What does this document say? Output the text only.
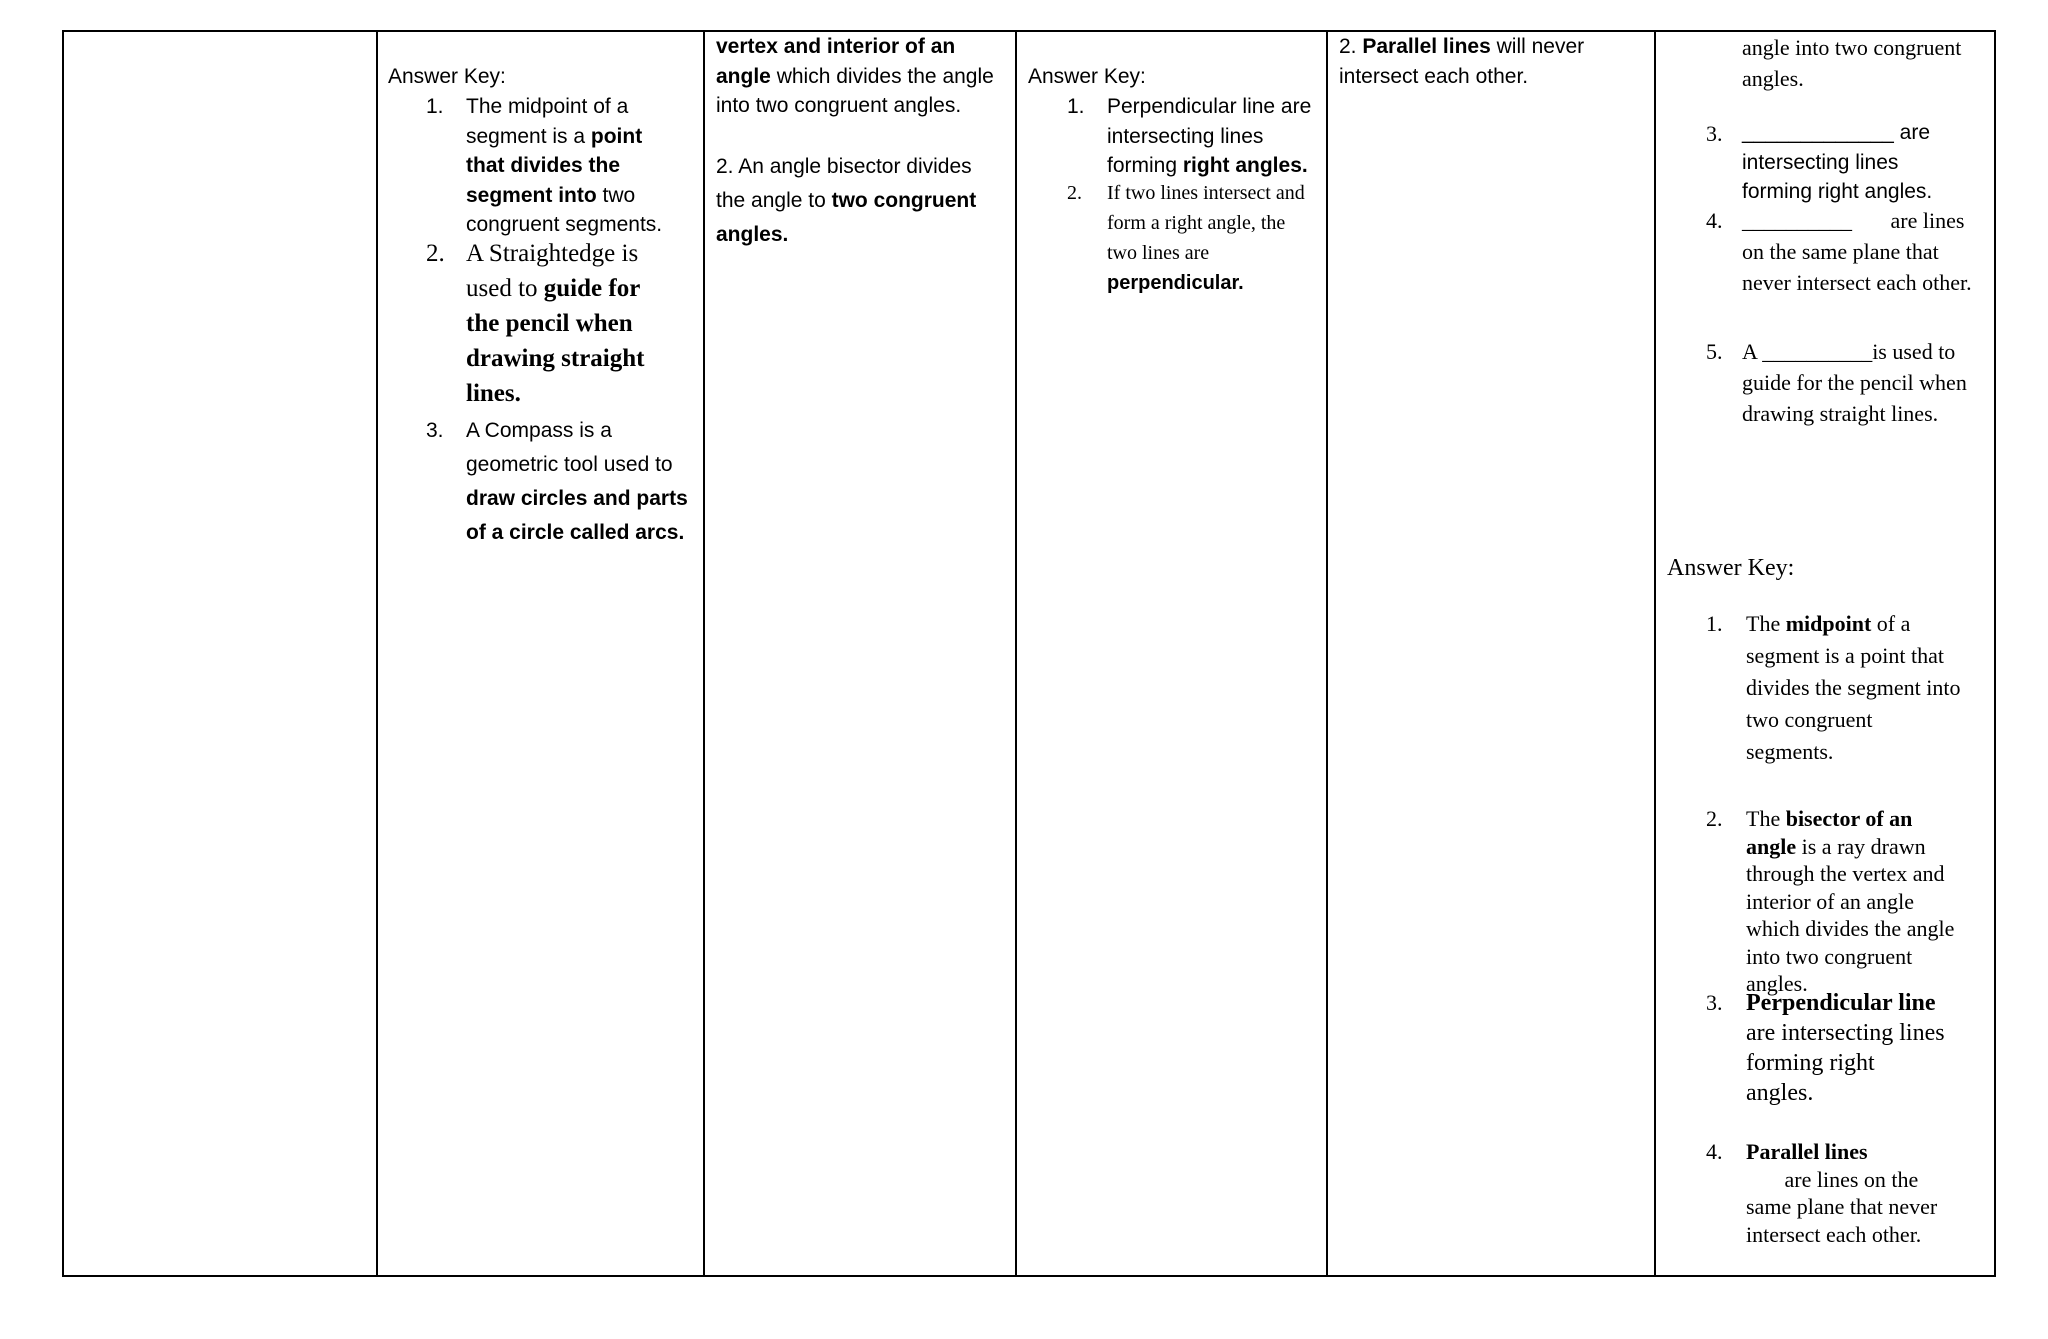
Answer Key:

1. The midpoint of a segment is a point that divides the segment into two congruent segments.

2. A Straightedge is used to guide for the pencil when drawing straight lines.

3. A Compass is a geometric tool used to draw circles and parts of a circle called arcs.

vertex and interior of an angle which divides the angle into two congruent angles.

2. An angle bisector divides the angle to two congruent angles.

Answer Key:

1. Perpendicular line are intersecting lines forming right angles.

2. If two lines intersect and form a right angle, the two lines are perpendicular.

2. Parallel lines will never intersect each other.

angle into two congruent angles.

3. _____________ are intersecting lines forming right angles.

4. __________ are lines on the same plane that never intersect each other.

5. A __________is used to guide for the pencil when drawing straight lines.

Answer Key:

1. The midpoint of a segment is a point that divides the segment into two congruent segments.

2. The bisector of an angle is a ray drawn through the vertex and interior of an angle which divides the angle into two congruent angles.

3. Perpendicular line are intersecting lines forming right angles.

4. Parallel lines
are lines on the same plane that never intersect each other.
